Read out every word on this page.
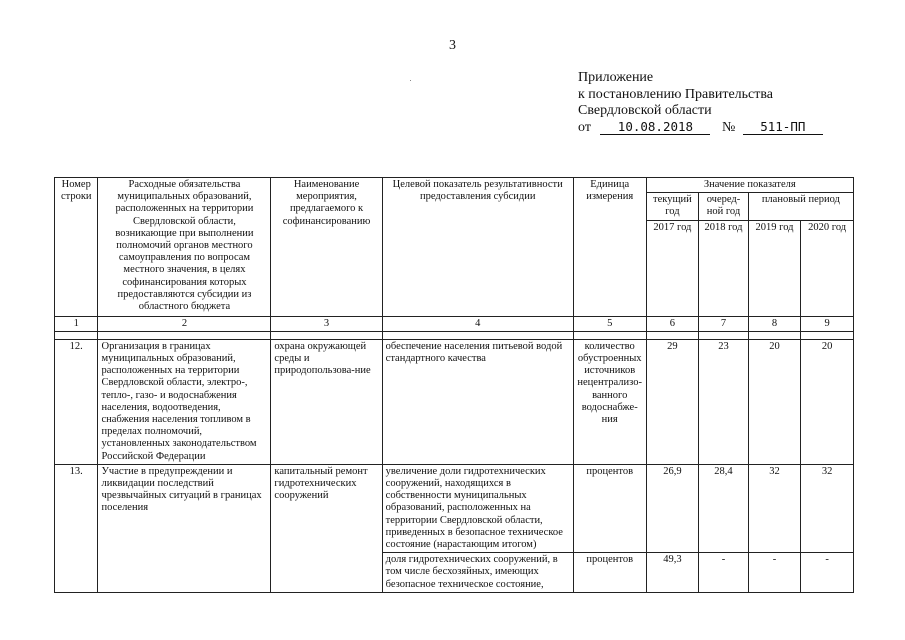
3
Приложение
к постановлению Правительства
Свердловской области
от 10.08.2018 № 511-ПП
Номер строки	Расходные обязательства муниципальных образований, расположенных на территории Свердловской области, возникающие при выполнении полномочий органов местного самоуправления по вопросам местного значения, в целях софинансирования которых предоставляются субсидии из областного бюджета	Наименование мероприятия, предлагаемого к софинансированию	Целевой показатель результативности предоставления субсидии	Единица измерения	Значение показателя			
					текущий год	очеред-ной год	плановый период	
					2017 год	2018 год	2019 год	2020 год
1	2	3	4	5	6	7	8	9

12.	Организация в границах муниципальных образований, расположенных на территории Свердловской области, электро-, тепло-, газо- и водоснабжения населения, водоотведения, снабжения населения топливом в пределах полномочий, установленных законодательством Российской Федерации	охрана окружающей среды и природопользова-ние	обеспечение населения питьевой водой стандартного качества	количество обустроенных источников нецентрализо-ванного водоснабже-ния	29	23	20	20
13.	Участие в предупреждении и ликвидации последствий чрезвычайных ситуаций в границах поселения	капитальный ремонт гидротехнических сооружений	увеличение доли гидротехнических сооружений, находящихся в собственности муниципальных образований, расположенных на территории Свердловской области, приведенных в безопасное техническое состояние (нарастающим итогом)	процентов	26,9	28,4	32	32
			доля гидротехнических сооружений, в том числе бесхозяйных, имеющих безопасное техническое состояние,	процентов	49,3	-	-	-
